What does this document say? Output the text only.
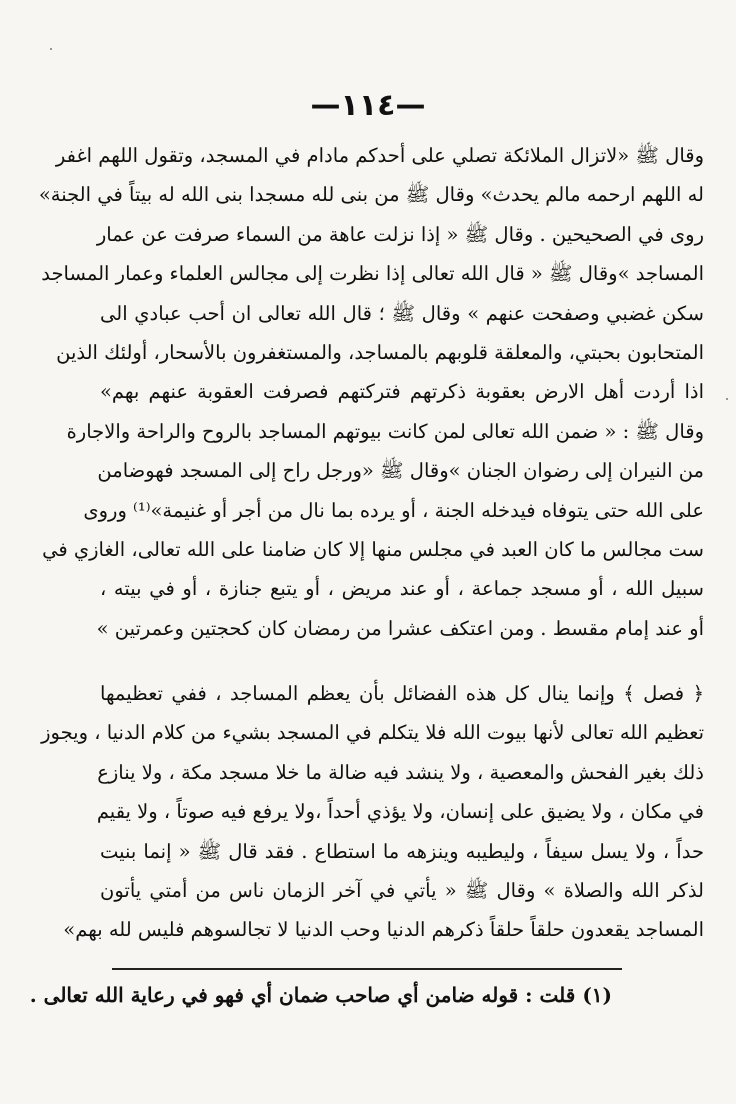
—١١٤—
وقال ﷺ «لاتزال الملائكة تصلي على أحدكم مادام في المسجد، وتقول اللهم اغفر
له اللهم ارحمه مالم يحدث» وقال ﷺ من بنى لله مسجدا بنى الله له بيتاً في الجنة»
روى في الصحيحين . وقال ﷺ « إذا نزلت عاهة من السماء صرفت عن عمار
المساجد »وقال ﷺ « قال الله تعالى إذا نظرت إلى مجالس العلماء وعمار المساجد
سكن غضبي وصفحت عنهم » وقال ﷺ ؛ قال الله تعالى ان أحب عبادي الى
المتحابون بحبتي، والمعلقة قلوبهم بالمساجد، والمستغفرون بالأسحار، أولئك الذين
اذا أردت أهل الارض بعقوبة ذكرتهم فتركتهم فصرفت العقوبة عنهم بهم»
وقال ﷺ : « ضمن الله تعالى لمن كانت بيوتهم المساجد بالروح والراحة والاجارة
من النيران إلى رضوان الجنان »وقال ﷺ «ورجل راح إلى المسجد فهوضامن
على الله حتى يتوفاه فيدخله الجنة ، أو يرده بما نال من أجر أو غنيمة»⁽¹⁾ وروى
ست مجالس ما كان العبد في مجلس منها إلا كان ضامنا على الله تعالى، الغازي في
سبيل الله ، أو مسجد جماعة ، أو عند مريض ، أو يتبع جنازة ، أو في بيته ،
أو عند إمام مقسط . ومن اعتكف عشرا من رمضان كان كحجتين وعمرتين »
﴿ فصل ﴾ وإنما ينال كل هذه الفضائل بأن يعظم المساجد ، ففي تعظيمها
تعظيم الله تعالى لأنها بيوت الله فلا يتكلم في المسجد بشيء من كلام الدنيا ، ويجوز
ذلك بغير الفحش والمعصية ، ولا ينشد فيه ضالة ما خلا مسجد مكة ، ولا ينازع
في مكان ، ولا يضيق على إنسان، ولا يؤذي أحداً ،ولا يرفع فيه صوتاً ، ولا يقيم
حداً ، ولا يسل سيفاً ، وليطيبه وينزهه ما استطاع . فقد قال ﷺ « إنما بنيت
لذكر الله والصلاة » وقال ﷺ « يأتي في آخر الزمان ناس من أمتي يأتون
المساجد يقعدون حلقاً حلقاً ذكرهم الدنيا وحب الدنيا لا تجالسوهم فليس لله بهم»
(١) قلت : قوله ضامن أي صاحب ضمان أي فهو في رعاية الله تعالى .
